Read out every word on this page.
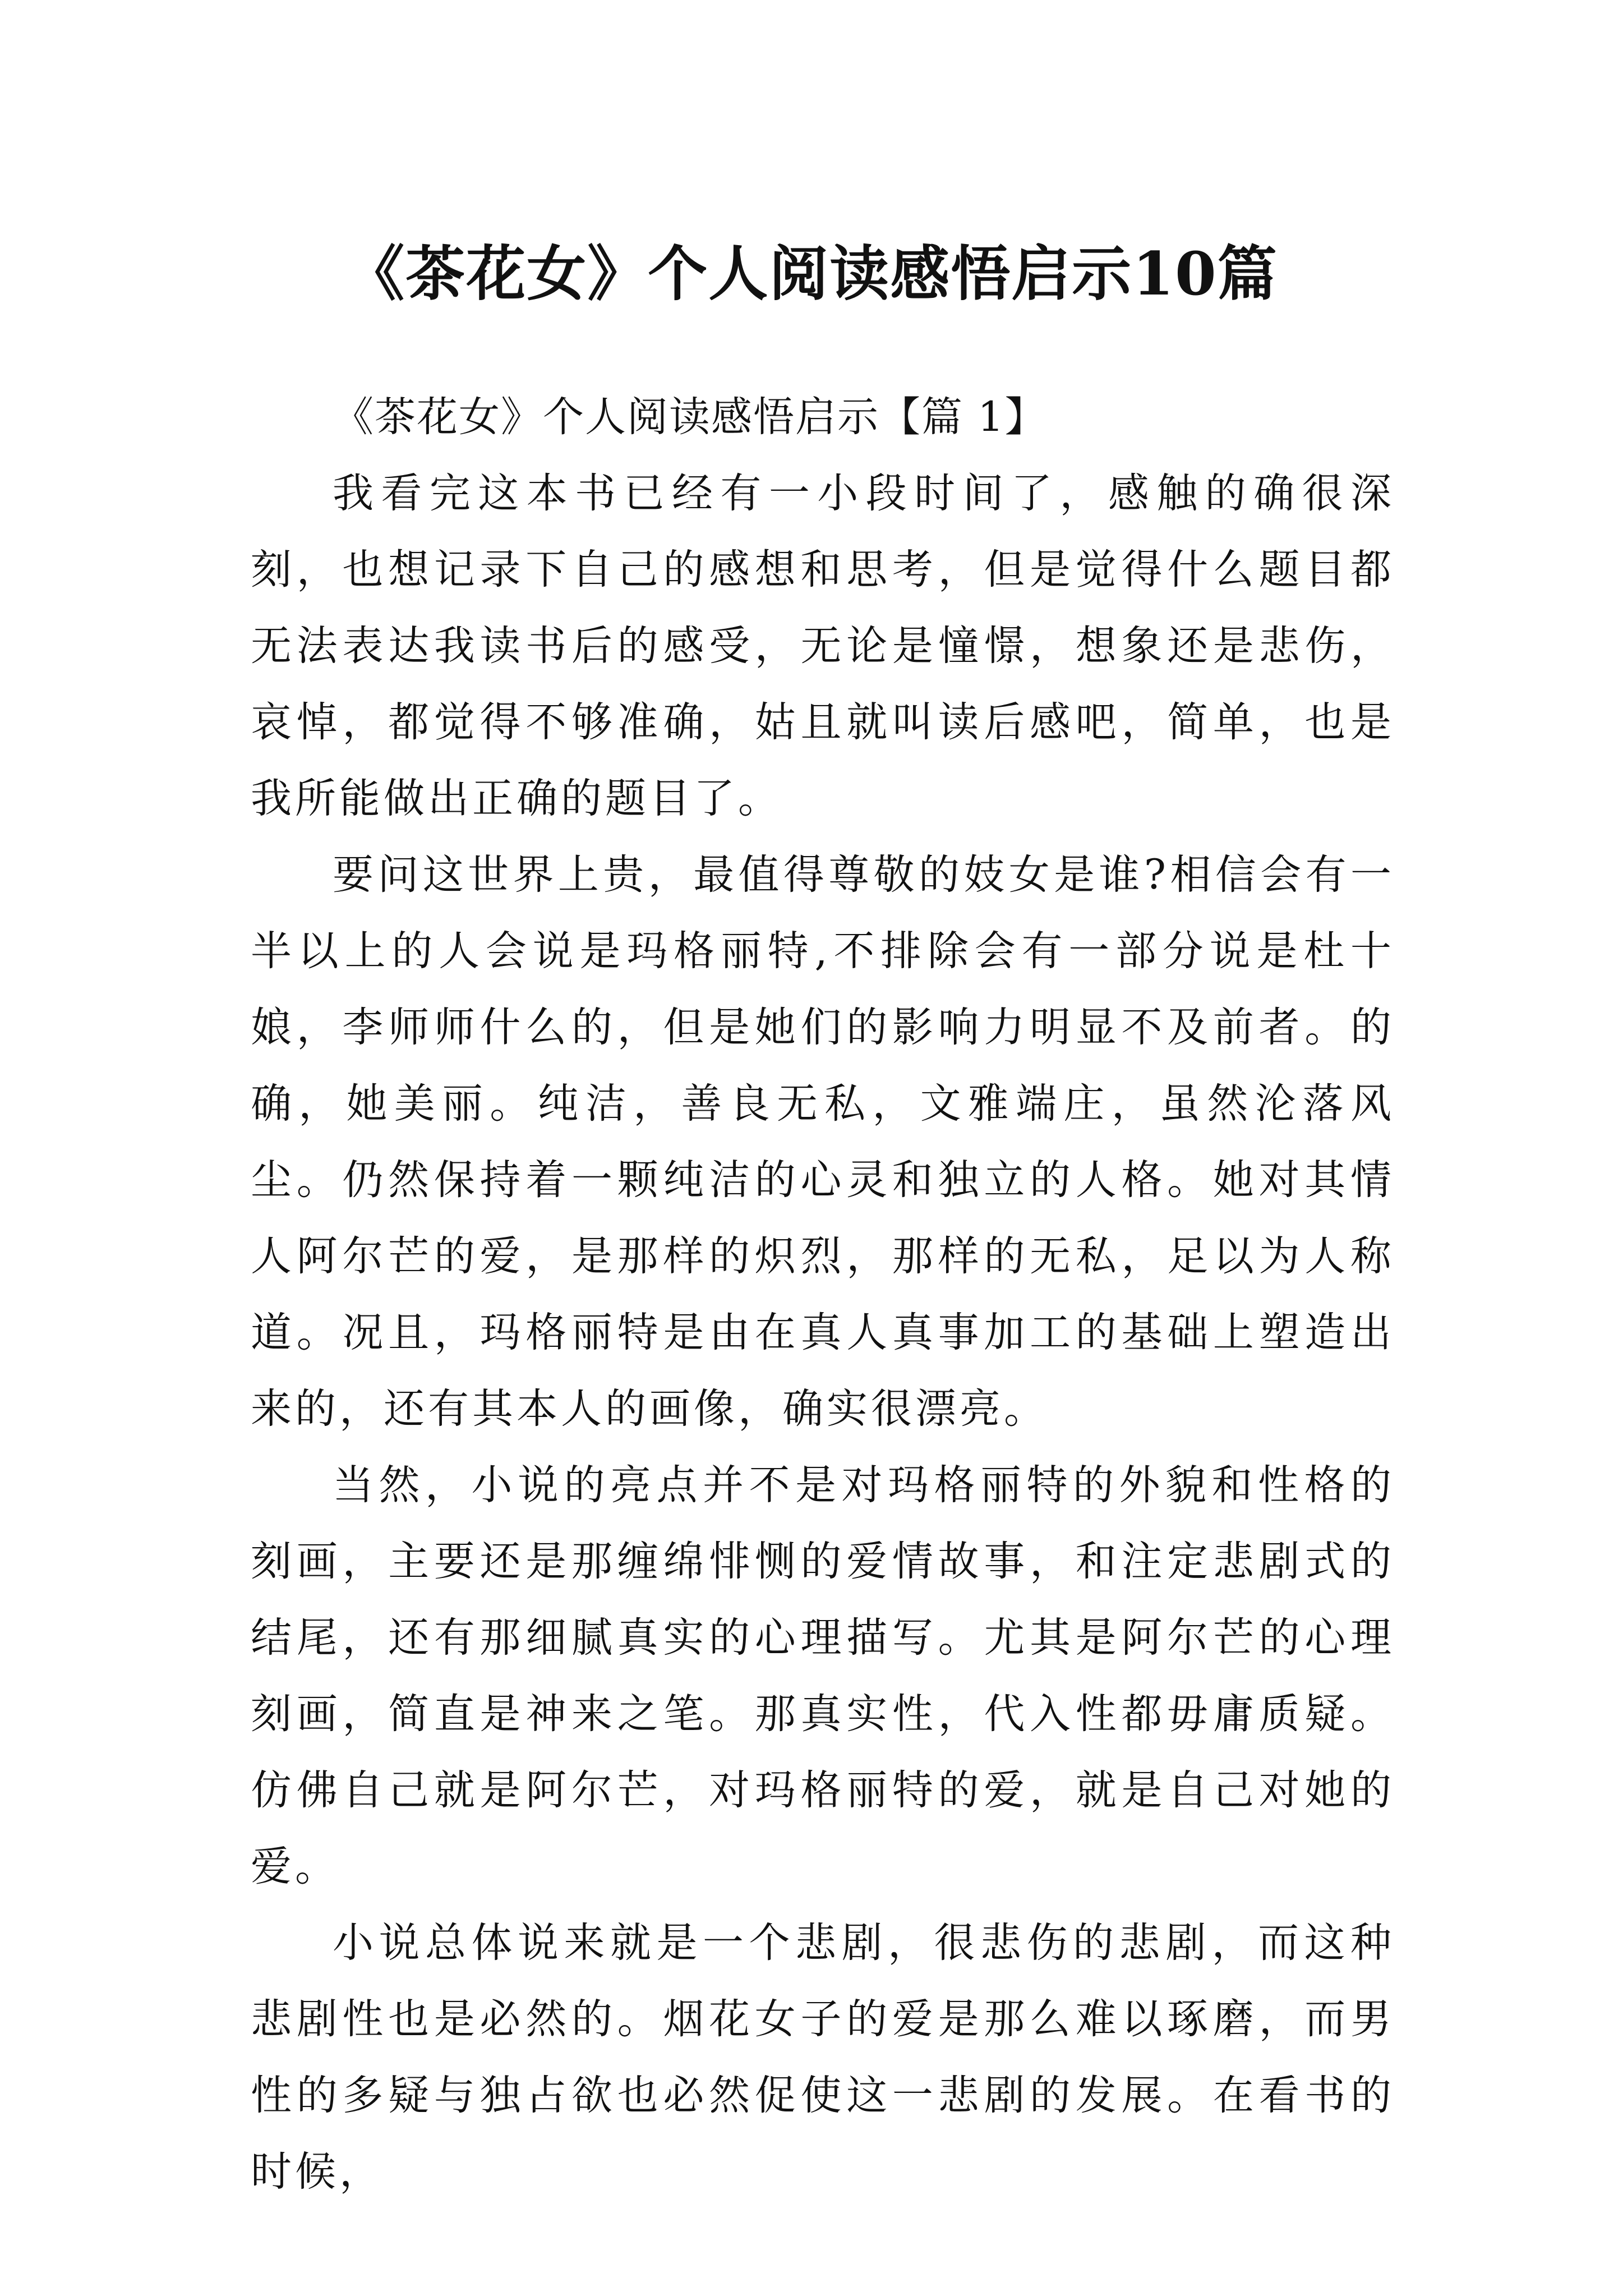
《茶花女》个人阅读感悟启示10篇
《茶花女》个人阅读感悟启示【篇 1】

我看完这本书已经有一小段时间了，感触的确很深刻，也想记录下自己的感想和思考，但是觉得什么题目都无法表达我读书后的感受，无论是憧憬，想象还是悲伤，哀悼，都觉得不够准确，姑且就叫读后感吧，简单，也是我所能做出正确的题目了。

要问这世界上贵，最值得尊敬的妓女是谁?相信会有一半以上的人会说是玛格丽特,不排除会有一部分说是杜十娘，李师师什么的，但是她们的影响力明显不及前者。的确，她美丽。纯洁，善良无私，文雅端庄，虽然沦落风尘。仍然保持着一颗纯洁的心灵和独立的人格。她对其情人阿尔芒的爱，是那样的炽烈，那样的无私，足以为人称道。况且，玛格丽特是由在真人真事加工的基础上塑造出来的，还有其本人的画像，确实很漂亮。

当然，小说的亮点并不是对玛格丽特的外貌和性格的刻画，主要还是那缠绵悱恻的爱情故事，和注定悲剧式的结尾，还有那细腻真实的心理描写。尤其是阿尔芒的心理刻画，简直是神来之笔。那真实性，代入性都毋庸质疑。仿佛自己就是阿尔芒，对玛格丽特的爱，就是自己对她的爱。

小说总体说来就是一个悲剧，很悲伤的悲剧，而这种悲剧性也是必然的。烟花女子的爱是那么难以琢磨，而男性的多疑与独占欲也必然促使这一悲剧的发展。在看书的时候，
